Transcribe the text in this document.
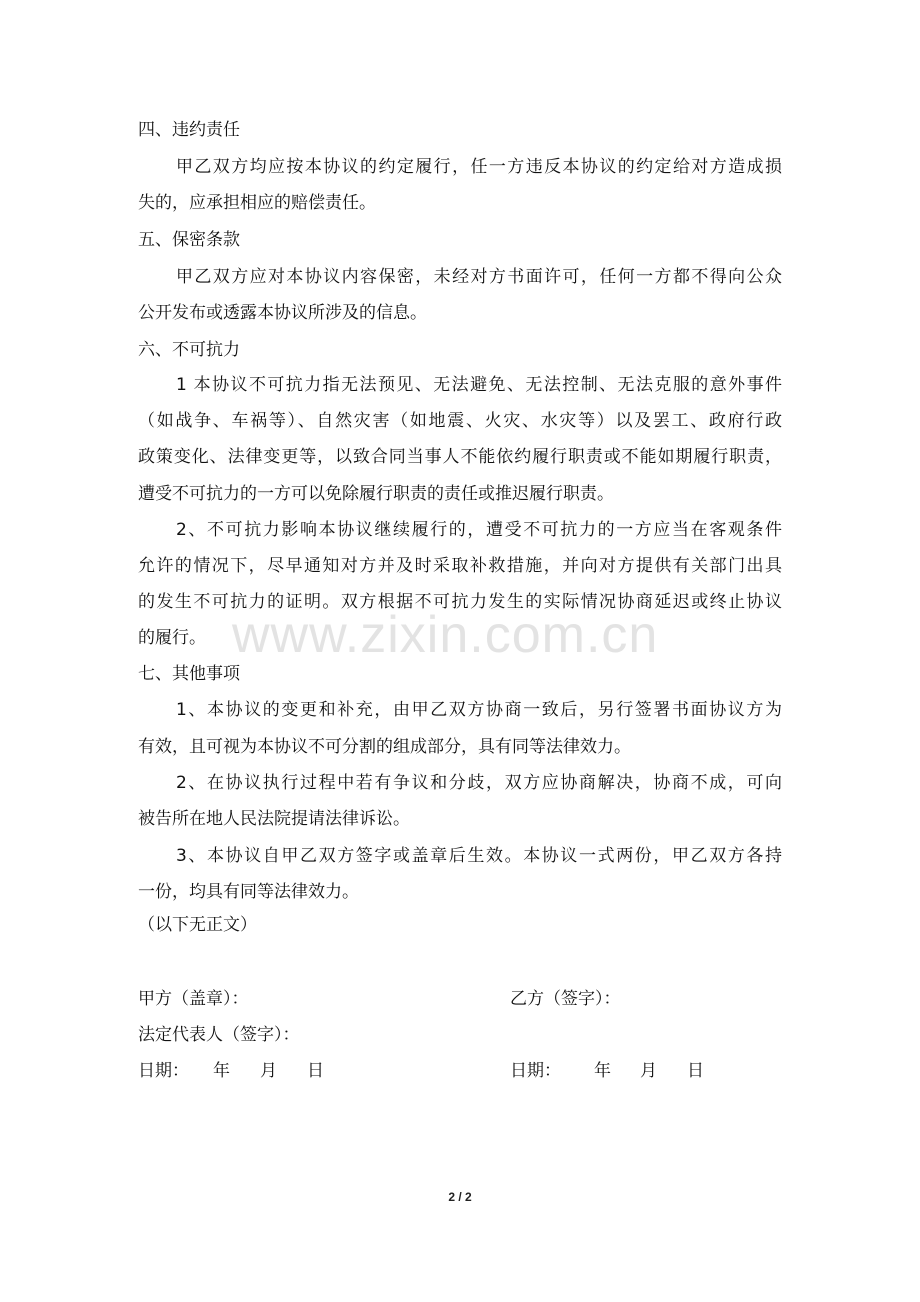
www.zixin.com.cn

四、违约责任

甲乙双方均应按本协议的约定履行，任一方违反本协议的约定给对方造成损

失的，应承担相应的赔偿责任。

五、保密条款

甲乙双方应对本协议内容保密，未经对方书面许可，任何一方都不得向公众

公开发布或透露本协议所涉及的信息。

六、不可抗力

1 本协议不可抗力指无法预见、无法避免、无法控制、无法克服的意外事件

（如战争、车祸等）、自然灾害（如地震、火灾、水灾等）以及罢工、政府行政

政策变化、法律变更等，以致合同当事人不能依约履行职责或不能如期履行职责，

遭受不可抗力的一方可以免除履行职责的责任或推迟履行职责。

2、不可抗力影响本协议继续履行的，遭受不可抗力的一方应当在客观条件

允许的情况下，尽早通知对方并及时采取补救措施，并向对方提供有关部门出具

的发生不可抗力的证明。双方根据不可抗力发生的实际情况协商延迟或终止协议

的履行。

七、其他事项

1、本协议的变更和补充，由甲乙双方协商一致后，另行签署书面协议方为

有效，且可视为本协议不可分割的组成部分，具有同等法律效力。

2、在协议执行过程中若有争议和分歧，双方应协商解决，协商不成，可向

被告所在地人民法院提请法律诉讼。

3、本协议自甲乙双方签字或盖章后生效。本协议一式两份，甲乙双方各持

一份，均具有同等法律效力。

（以下无正文）

甲方（盖章）：	乙方（签字）：

法定代表人（签字）：

日期： 年 月 日	日期： 年 月 日

2 / 2
